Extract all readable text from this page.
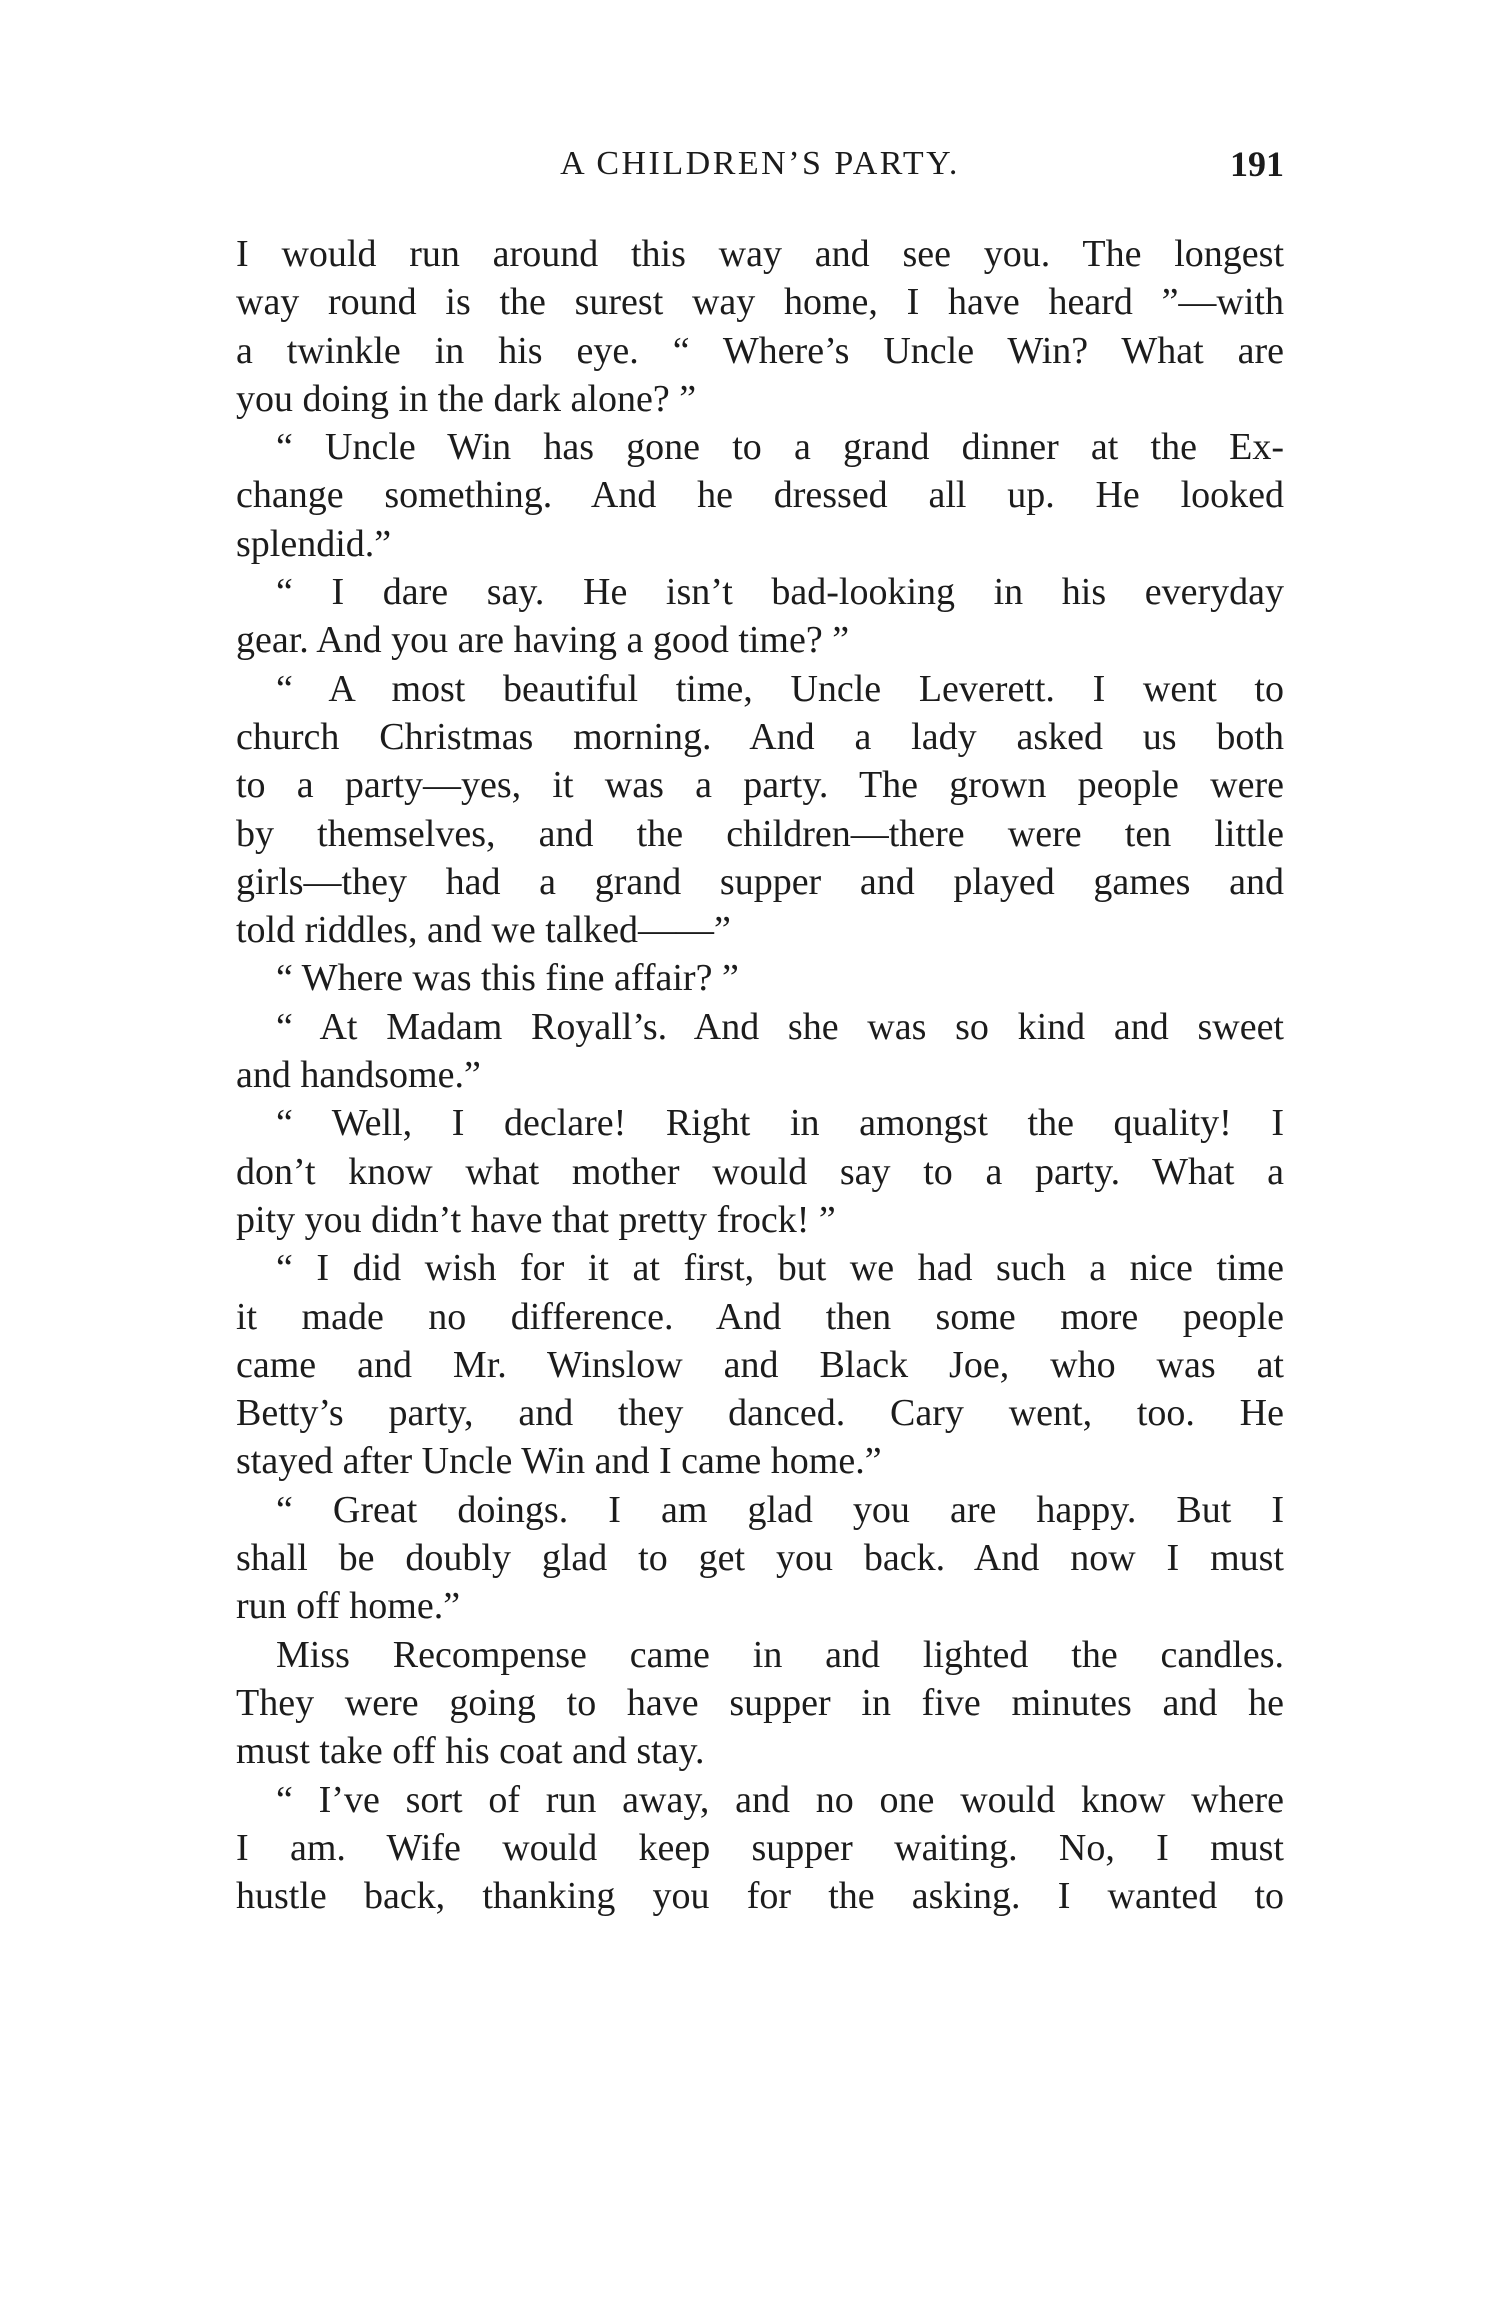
A CHILDREN’S PARTY.	191
I would run around this way and see you. The longest
way round is the surest way home, I have heard ”—with
a twinkle in his eye. “ Where’s Uncle Win? What are
you doing in the dark alone? ”
“ Uncle Win has gone to a grand dinner at the Ex-
change something. And he dressed all up. He looked
splendid.”
“ I dare say. He isn’t bad-looking in his everyday
gear. And you are having a good time? ”
“ A most beautiful time, Uncle Leverett. I went to
church Christmas morning. And a lady asked us both
to a party—yes, it was a party. The grown people were
by themselves, and the children—there were ten little
girls—they had a grand supper and played games and
told riddles, and we talked——”
“ Where was this fine affair? ”
“ At Madam Royall’s. And she was so kind and sweet
and handsome.”
“ Well, I declare! Right in amongst the quality! I
don’t know what mother would say to a party. What a
pity you didn’t have that pretty frock! ”
“ I did wish for it at first, but we had such a nice time
it made no difference. And then some more people
came and Mr. Winslow and Black Joe, who was at
Betty’s party, and they danced. Cary went, too. He
stayed after Uncle Win and I came home.”
“ Great doings. I am glad you are happy. But I
shall be doubly glad to get you back. And now I must
run off home.”
Miss Recompense came in and lighted the candles.
They were going to have supper in five minutes and he
must take off his coat and stay.
“ I’ve sort of run away, and no one would know where
I am. Wife would keep supper waiting. No, I must
hustle back, thanking you for the asking. I wanted to
